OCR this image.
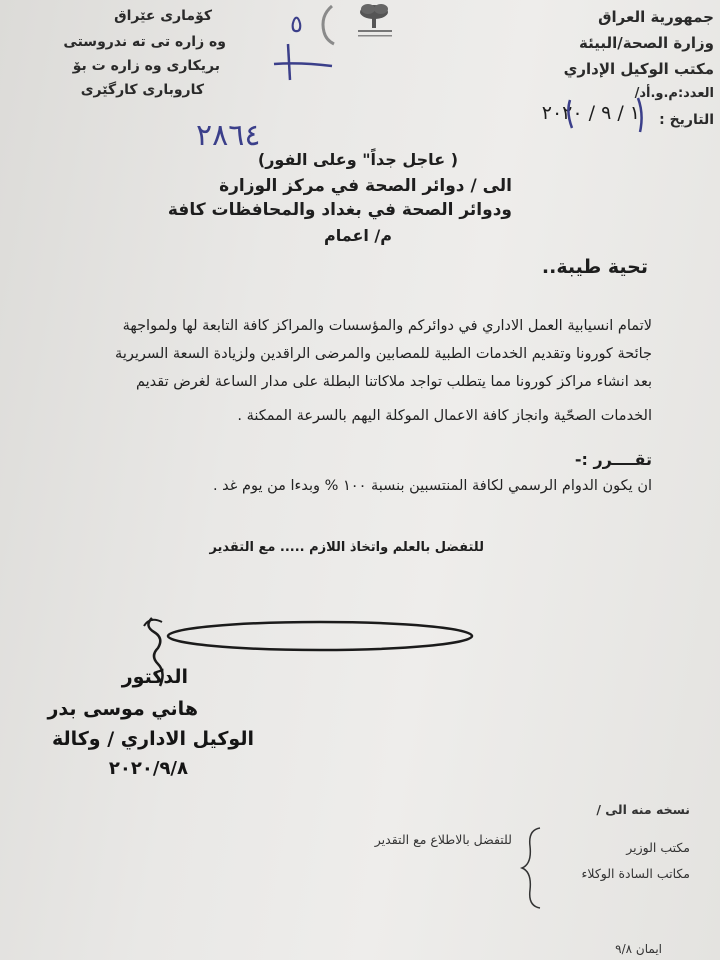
جمهورية العراق
وزارة الصحة/البيئة
مكتب الوكيل الإداري
العدد:م.و.أد/
التاريخ :
١ / ٩ / ٢٠٢٠
٢٨٦٤
كۆماری عێراق
وه زاره تی ته ندروستی
بریکاری وه زاره ت بۆ
کاروباری کارگێری
٥
( عاجل جداً" وعلى الفور)
الى / دوائر الصحة في مركز الوزارة
ودوائر الصحة في بغداد والمحافظات كافة
م/ اعمام
تحية طيبة..
لاتمام انسيابية العمل الاداري في دوائركم والمؤسسات والمراكز كافة التابعة لها ولمواجهة
جائحة كورونا وتقديم الخدمات الطبية للمصابين والمرضى الراقدين ولزيادة السعة السريرية
بعد انشاء مراكز كورونا مما يتطلب تواجد ملاكاتنا البطلة على مدار الساعة لغرض تقديم
الخدمات الصحّية وانجاز كافة الاعمال الموكلة اليهم بالسرعة الممكنة .
تقــــرر :-
ان يكون الدوام الرسمي لكافة المنتسبين بنسبة ١٠٠ % وبدءا من يوم غد .
للتفضل بالعلم واتخاذ اللازم ..... مع التقدير
الدكتور
هاني موسى بدر
الوكيل الاداري / وكالة
٢٠٢٠/٩/٨
نسخه منه الى /
مكتب الوزير
مكاتب السادة الوكلاء
للتفضل بالاطلاع مع التقدير
ايمان ٩/٨
